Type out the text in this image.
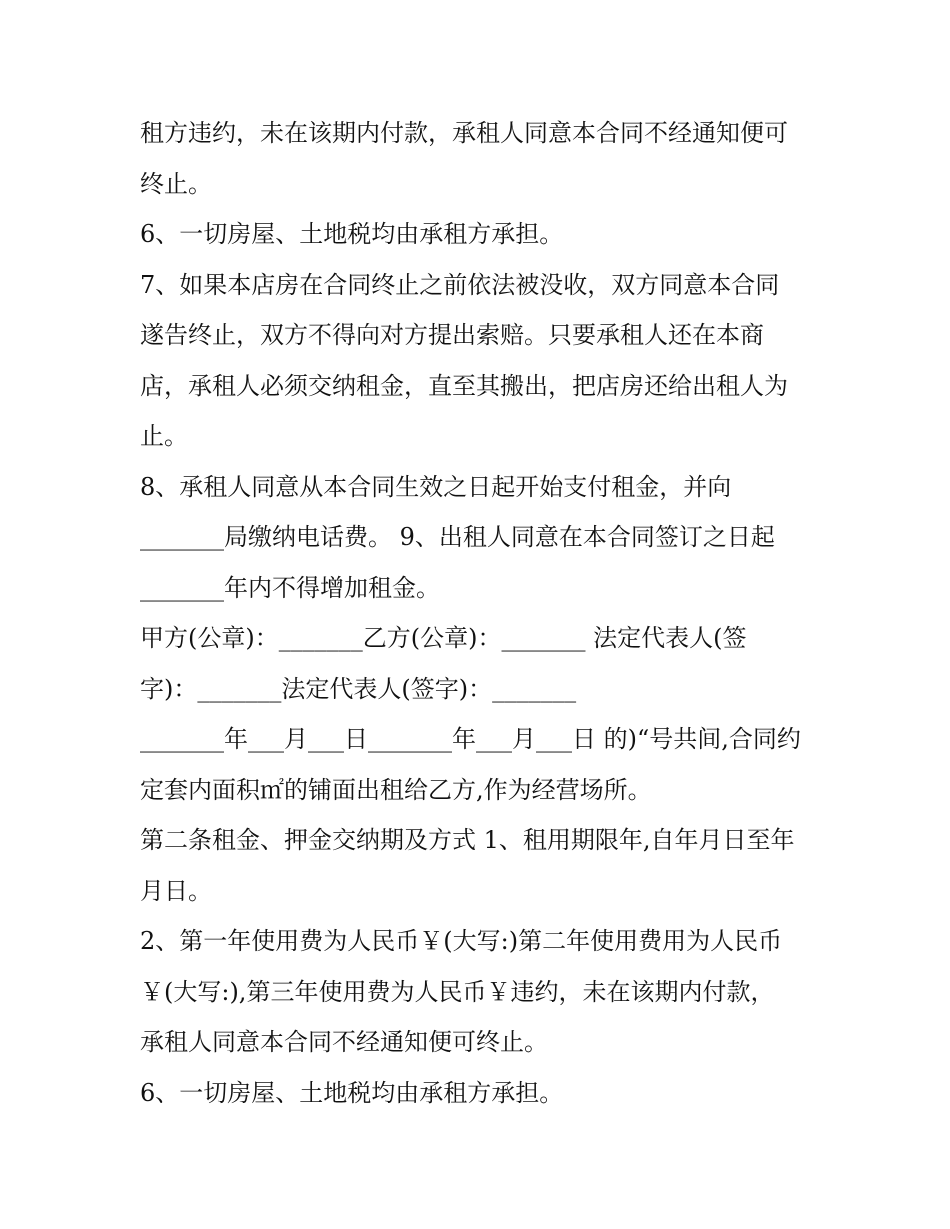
租方违约，未在该期内付款，承租人同意本合同不经通知便可
终止。
6、一切房屋、土地税均由承租方承担。
7、如果本店房在合同终止之前依法被没收，双方同意本合同
遂告终止，双方不得向对方提出索赔。只要承租人还在本商
店，承租人必须交纳租金，直至其搬出，把店房还给出租人为
止。
8、承租人同意从本合同生效之日起开始支付租金，并向
_______局缴纳电话费。 9、出租人同意在本合同签订之日起
_______年内不得增加租金。
甲方(公章)：_______乙方(公章)：_______ 法定代表人(签
字)：_______法定代表人(签字)：_______
_______年___月___日_______年___月___日 的)“号共间,合同约
定套内面积㎡的铺面出租给乙方,作为经营场所。
第二条租金、押金交纳期及方式 1、租用期限年,自年月日至年
月日。
2、第一年使用费为人民币￥(大写:)第二年使用费用为人民币
￥(大写:),第三年使用费为人民币￥违约，未在该期内付款，
承租人同意本合同不经通知便可终止。
6、一切房屋、土地税均由承租方承担。
